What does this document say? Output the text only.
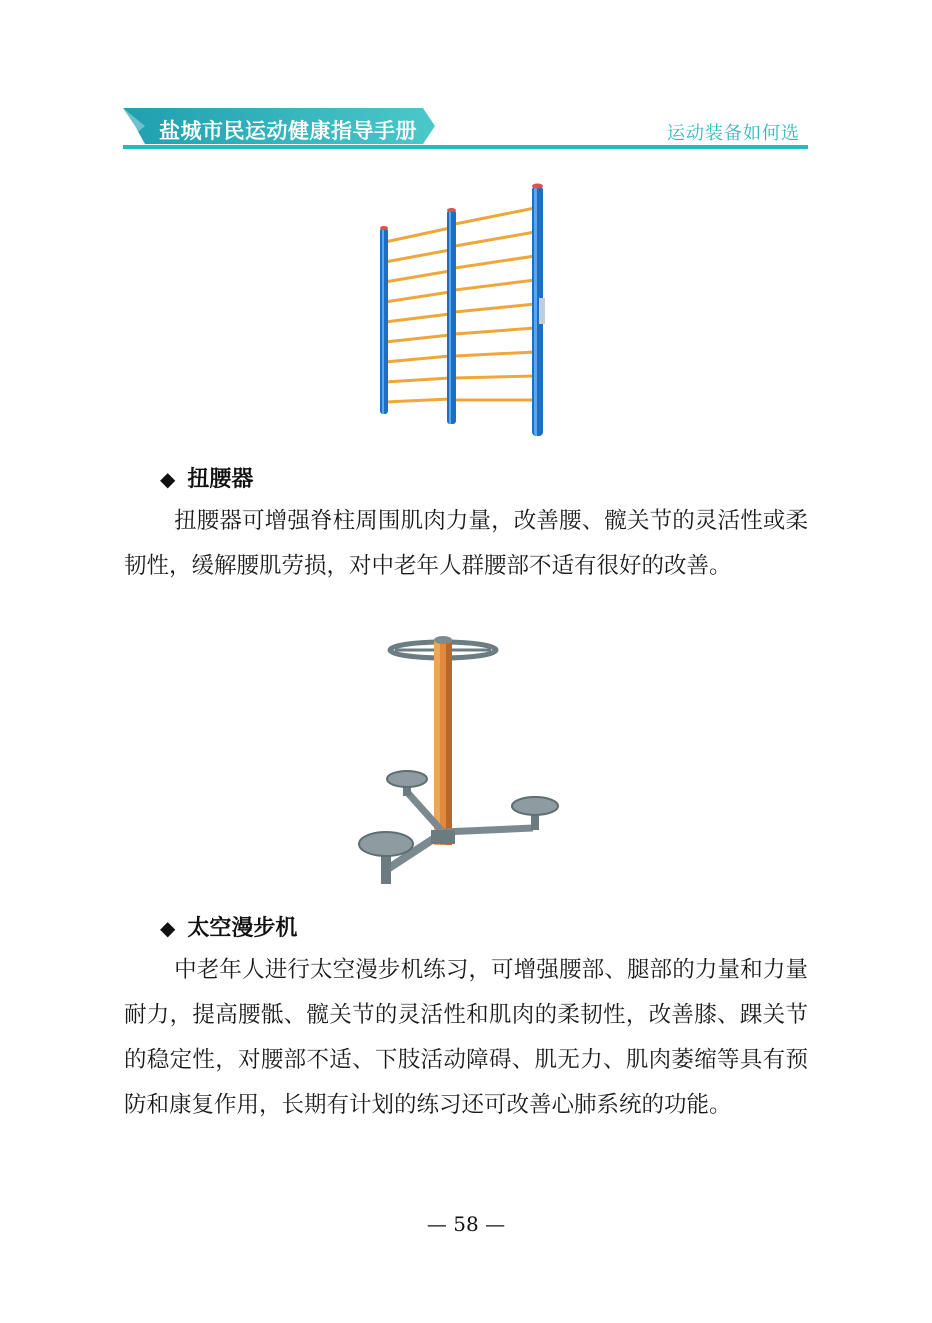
盐城市民运动健康指导手册	运动装备如何选
◆ 扭腰器
扭腰器可增强脊柱周围肌肉力量，改善腰、髋关节的灵活性或柔韧性，缓解腰肌劳损，对中老年人群腰部不适有很好的改善。
◆ 太空漫步机
中老年人进行太空漫步机练习，可增强腰部、腿部的力量和力量耐力，提高腰骶、髋关节的灵活性和肌肉的柔韧性，改善膝、踝关节的稳定性，对腰部不适、下肢活动障碍、肌无力、肌肉萎缩等具有预防和康复作用，长期有计划的练习还可改善心肺系统的功能。
— 58 —
